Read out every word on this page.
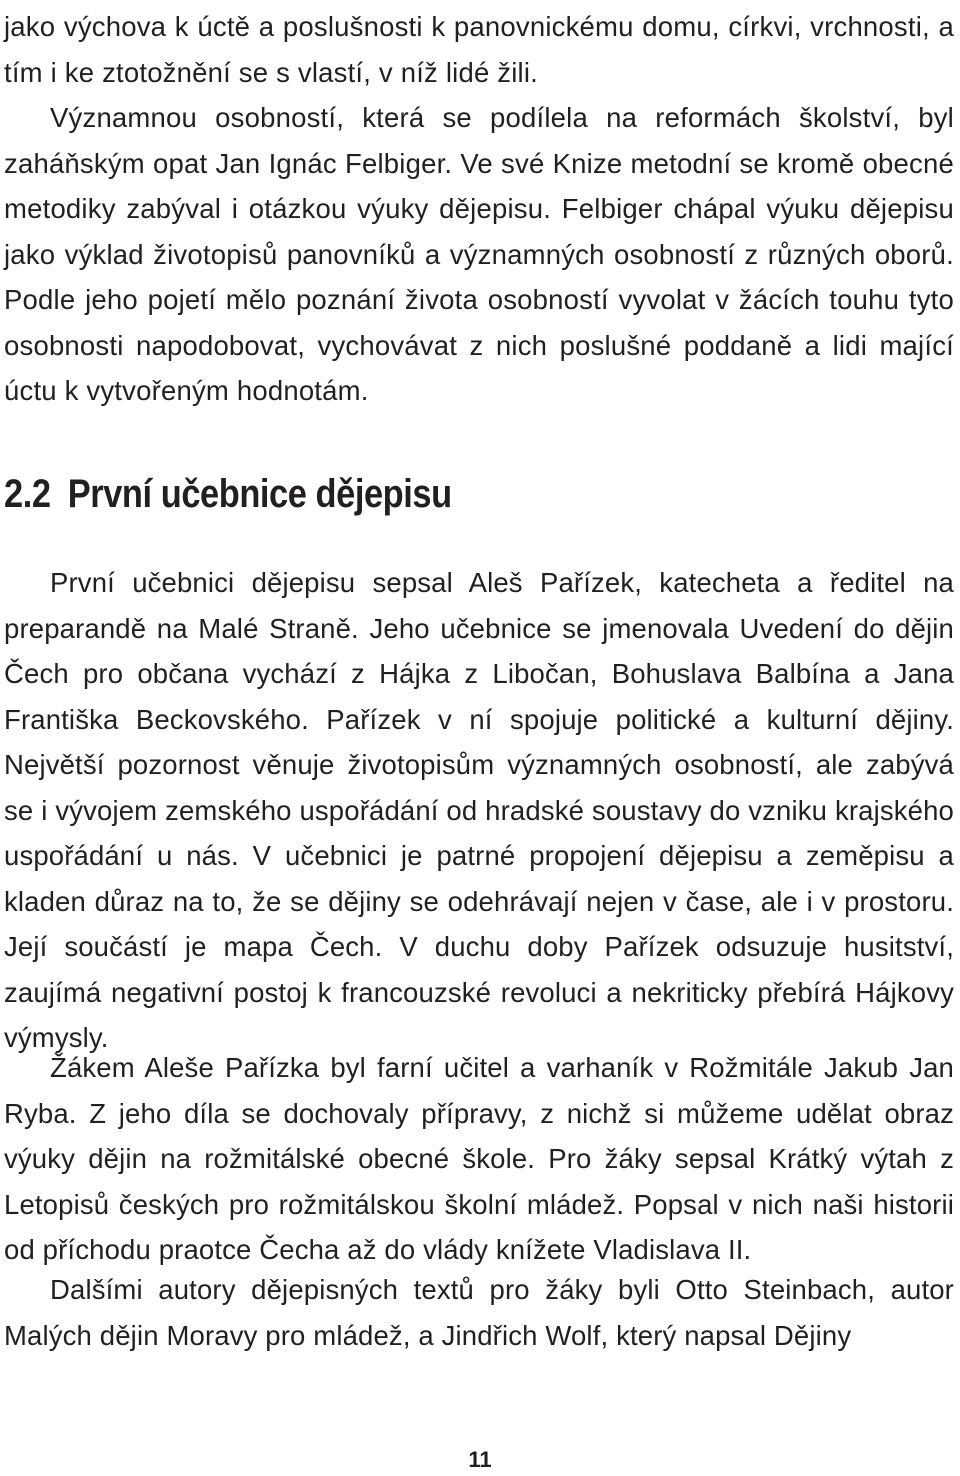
jako výchova k úctě a poslušnosti k panovnickému domu, církvi, vrchnosti, a tím i ke ztotožnění se s vlastí, v níž lidé žili.
Významnou osobností, která se podílela na reformách školství, byl zaháňským opat Jan Ignác Felbiger. Ve své Knize metodní se kromě obecné metodiky zabýval i otázkou výuky dějepisu. Felbiger chápal výuku dějepisu jako výklad životopisů panovníků a významných osobností z různých oborů. Podle jeho pojetí mělo poznání života osobností vyvolat v žácích touhu tyto osobnosti napodobovat, vychovávat z nich poslušné poddaně a lidi mající úctu k vytvořeným hodnotám.

2.2 První učebnice dějepisu

První učebnici dějepisu sepsal Aleš Pařízek, katecheta a ředitel na preparandě na Malé Straně. Jeho učebnice se jmenovala Uvedení do dějin Čech pro občana vychází z Hájka z Libočan, Bohuslava Balbína a Jana Františka Beckovského. Pařízek v ní spojuje politické a kulturní dějiny. Největší pozornost věnuje životopisům významných osobností, ale zabývá se i vývojem zemského uspořádání od hradské soustavy do vzniku krajského uspořádání u nás. V učebnici je patrné propojení dějepisu a zeměpisu a kladen důraz na to, že se dějiny se odehrávají nejen v čase, ale i v prostoru. Její součástí je mapa Čech. V duchu doby Pařízek odsuzuje husitství, zaujímá negativní postoj k francouzské revoluci a nekriticky přebírá Hájkovy výmysly.

Žákem Aleše Pařízka byl farní učitel a varhaník v Rožmitále Jakub Jan Ryba. Z jeho díla se dochovaly přípravy, z nichž si můžeme udělat obraz výuky dějin na rožmitálské obecné škole. Pro žáky sepsal Krátký výtah z Letopisů českých pro rožmitálskou školní mládež. Popsal v nich naši historii od příchodu praotce Čecha až do vlády knížete Vladislava II.

Dalšími autory dějepisných textů pro žáky byli Otto Steinbach, autor Malých dějin Moravy pro mládež, a Jindřich Wolf, který napsal Dějiny

11
